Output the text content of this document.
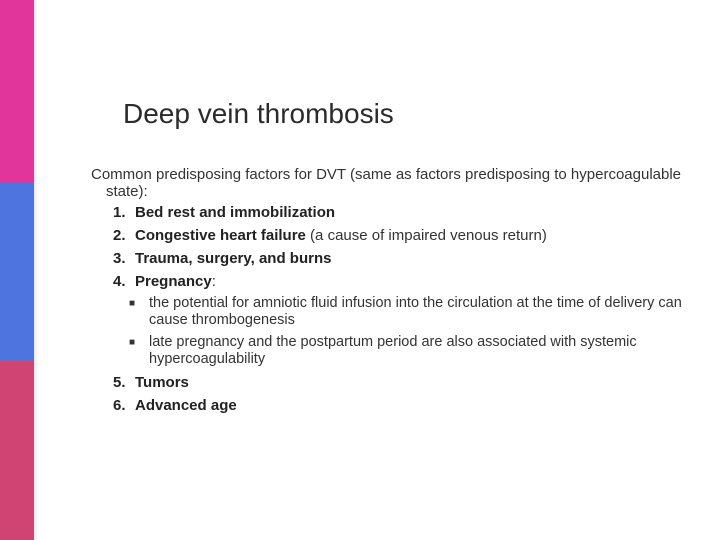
Deep vein thrombosis

Common predisposing factors for DVT (same as factors predisposing to hypercoagulable state):

1. Bed rest and immobilization
2. Congestive heart failure (a cause of impaired venous return)
3. Trauma, surgery, and burns
4. Pregnancy:
■ the potential for amniotic fluid infusion into the circulation at the time of delivery can cause thrombogenesis
■ late pregnancy and the postpartum period are also associated with systemic hypercoagulability
5. Tumors
6. Advanced age
